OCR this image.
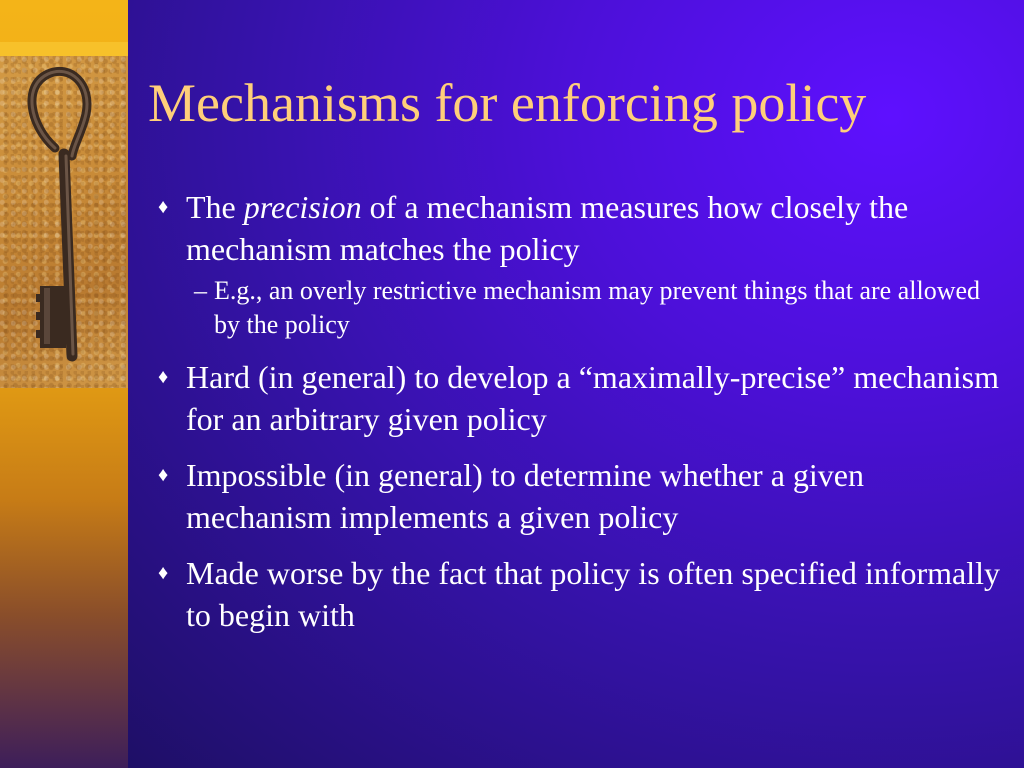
Mechanisms for enforcing policy
♦ The precision of a mechanism measures how closely the mechanism matches the policy
– E.g., an overly restrictive mechanism may prevent things that are allowed by the policy
♦ Hard (in general) to develop a “maximally-precise” mechanism for an arbitrary given policy
♦ Impossible (in general) to determine whether a given mechanism implements a given policy
♦ Made worse by the fact that policy is often specified informally to begin with
